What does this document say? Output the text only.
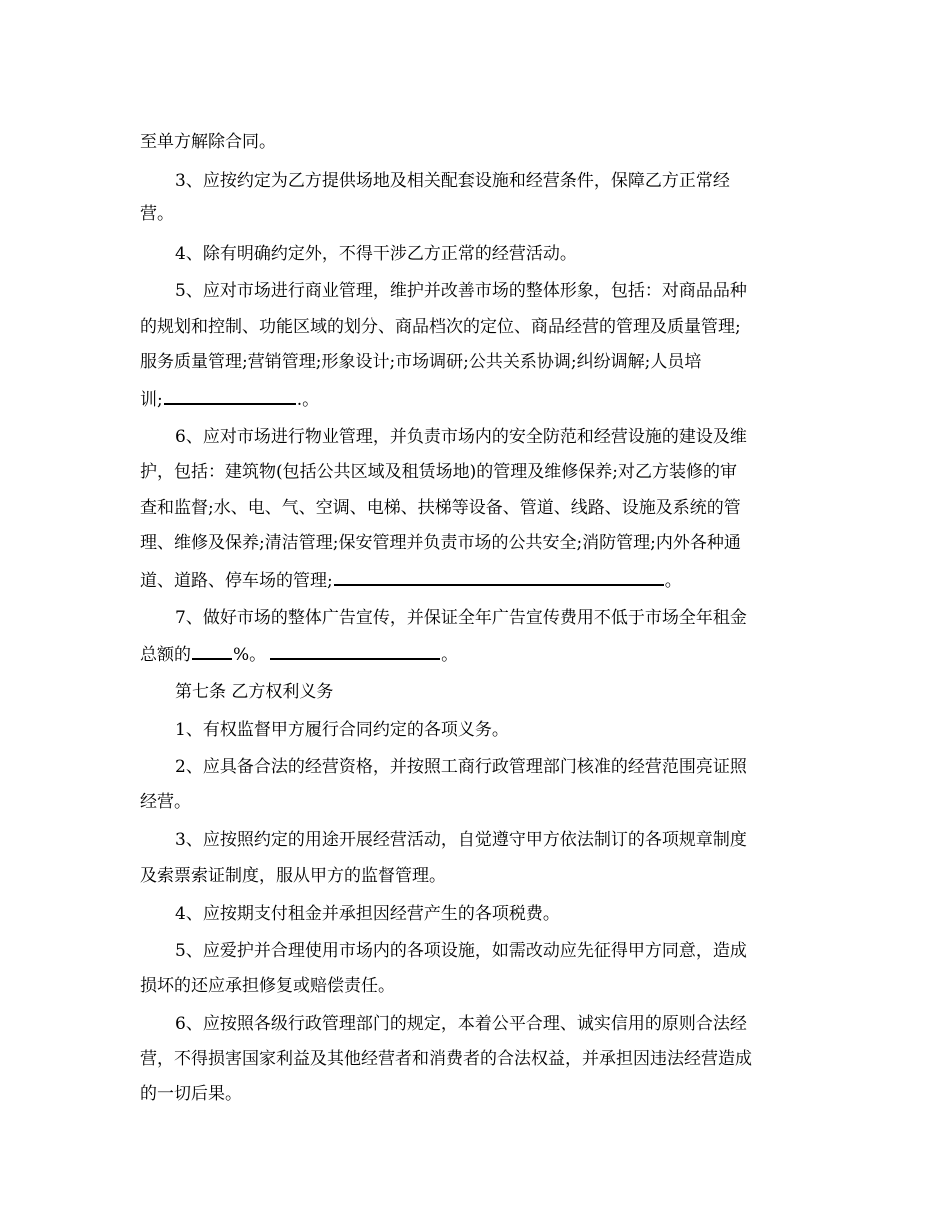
至单方解除合同。
3、应按约定为乙方提供场地及相关配套设施和经营条件，保障乙方正常经
营。
4、除有明确约定外，不得干涉乙方正常的经营活动。
5、应对市场进行商业管理，维护并改善市场的整体形象，包括：对商品品种
的规划和控制、功能区域的划分、商品档次的定位、商品经营的管理及质量管理;
服务质量管理;营销管理;形象设计;市场调研;公共关系协调;纠纷调解;人员培
训;	.。
6、应对市场进行物业管理，并负责市场内的安全防范和经营设施的建设及维
护，包括：建筑物(包括公共区域及租赁场地)的管理及维修保养;对乙方装修的审
查和监督;水、电、气、空调、电梯、扶梯等设备、管道、线路、设施及系统的管
理、维修及保养;清洁管理;保安管理并负责市场的公共安全;消防管理;内外各种通
道、道路、停车场的管理;	。
7、做好市场的整体广告宣传，并保证全年广告宣传费用不低于市场全年租金
总额的 %。	。
第七条 乙方权利义务
1、有权监督甲方履行合同约定的各项义务。
2、应具备合法的经营资格，并按照工商行政管理部门核准的经营范围亮证照
经营。
3、应按照约定的用途开展经营活动，自觉遵守甲方依法制订的各项规章制度
及索票索证制度，服从甲方的监督管理。
4、应按期支付租金并承担因经营产生的各项税费。
5、应爱护并合理使用市场内的各项设施，如需改动应先征得甲方同意，造成
损坏的还应承担修复或赔偿责任。
6、应按照各级行政管理部门的规定，本着公平合理、诚实信用的原则合法经
营，不得损害国家利益及其他经营者和消费者的合法权益，并承担因违法经营造成
的一切后果。
